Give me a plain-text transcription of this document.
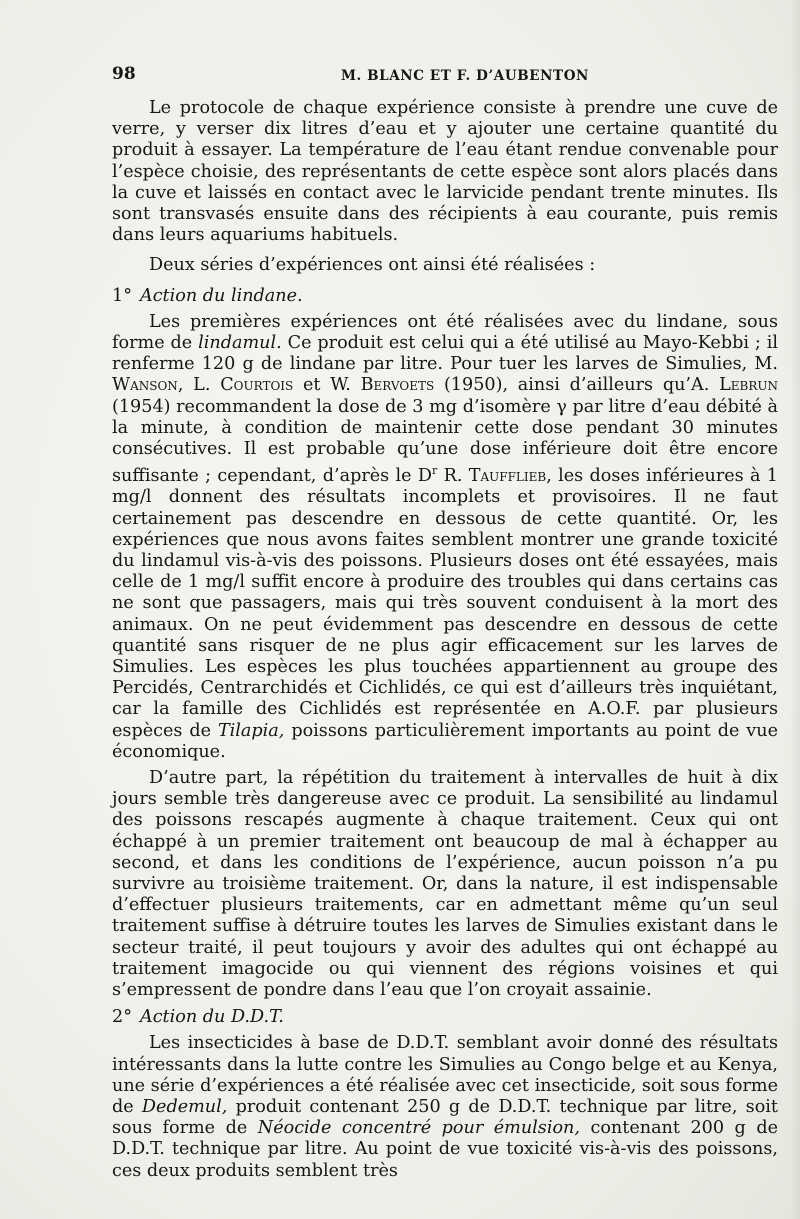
98	M. BLANC ET F. D’AUBENTON

Le protocole de chaque expérience consiste à prendre une cuve de verre, y verser dix litres d’eau et y ajouter une certaine quantité du produit à essayer. La température de l’eau étant rendue convenable pour l’espèce choisie, des représentants de cette espèce sont alors placés dans la cuve et laissés en contact avec le larvicide pendant trente minutes. Ils sont transvasés ensuite dans des récipients à eau courante, puis remis dans leurs aquariums habituels.

Deux séries d’expériences ont ainsi été réalisées :

1° Action du lindane.

Les premières expériences ont été réalisées avec du lindane, sous forme de lindamul. Ce produit est celui qui a été utilisé au Mayo-Kebbi ; il renferme 120 g de lindane par litre. Pour tuer les larves de Simulies, M. Wanson, L. Courtois et W. Bervoets (1950), ainsi d’ailleurs qu’A. Lebrun (1954) recommandent la dose de 3 mg d’isomère γ par litre d’eau débité à la minute, à condition de maintenir cette dose pendant 30 minutes consécutives. Il est probable qu’une dose inférieure doit être encore suffisante ; cependant, d’après le $D^r$ R. Taufflieb, les doses inférieures à 1 mg/l donnent des résultats incomplets et provisoires. Il ne faut certainement pas descendre en dessous de cette quantité. Or, les expériences que nous avons faites semblent montrer une grande toxicité du lindamul vis-à-vis des poissons. Plusieurs doses ont été essayées, mais celle de 1 mg/l suffit encore à produire des troubles qui dans certains cas ne sont que passagers, mais qui très souvent conduisent à la mort des animaux. On ne peut évidemment pas descendre en dessous de cette quantité sans risquer de ne plus agir efficacement sur les larves de Simulies. Les espèces les plus touchées appartiennent au groupe des Percidés, Centrarchidés et Cichlidés, ce qui est d’ailleurs très inquiétant, car la famille des Cichlidés est représentée en A.O.F. par plusieurs espèces de Tilapia, poissons particulièrement importants au point de vue économique.

D’autre part, la répétition du traitement à intervalles de huit à dix jours semble très dangereuse avec ce produit. La sensibilité au lindamul des poissons rescapés augmente à chaque traitement. Ceux qui ont échappé à un premier traitement ont beaucoup de mal à échapper au second, et dans les conditions de l’expérience, aucun poisson n’a pu survivre au troisième traitement. Or, dans la nature, il est indispensable d’effectuer plusieurs traitements, car en admettant même qu’un seul traitement suffise à détruire toutes les larves de Simulies existant dans le secteur traité, il peut toujours y avoir des adultes qui ont échappé au traitement imagocide ou qui viennent des régions voisines et qui s’empressent de pondre dans l’eau que l’on croyait assainie.

2° Action du D.D.T.

Les insecticides à base de D.D.T. semblant avoir donné des résultats intéressants dans la lutte contre les Simulies au Congo belge et au Kenya, une série d’expériences a été réalisée avec cet insecticide, soit sous forme de Dedemul, produit contenant 250 g de D.D.T. technique par litre, soit sous forme de Néocide concentré pour émulsion, contenant 200 g de D.D.T. technique par litre. Au point de vue toxicité vis-à-vis des poissons, ces deux produits semblent très
